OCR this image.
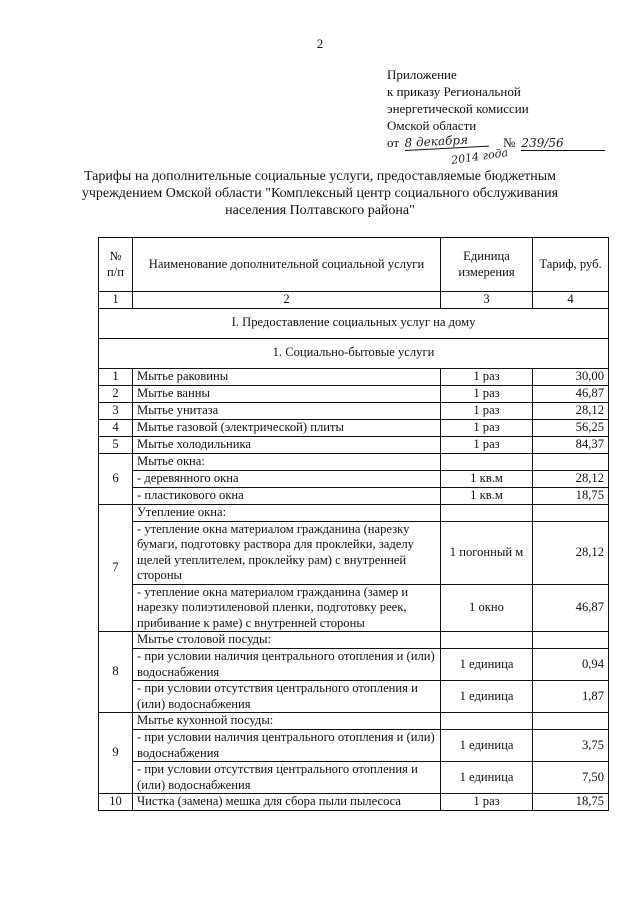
2
Приложение
к приказу Региональной
энергетической комиссии
Омской области
от 8 декабря	№ 239/56
2014 года
Тарифы на дополнительные социальные услуги, предоставляемые бюджетным учреждением Омской области "Комплексный центр социального обслуживания населения Полтавского района"
№ п/п	Наименование дополнительной социальной услуги	Единица измерения	Тариф, руб.
1	2	3	4
I. Предоставление социальных услуг на дому			
1. Социально-бытовые услуги			
1	Мытье раковины	1 раз	30,00
2	Мытье ванны	1 раз	46,87
3	Мытье унитаза	1 раз	28,12
4	Мытье газовой (электрической) плиты	1 раз	56,25
5	Мытье холодильника	1 раз	84,37
6	Мытье окна:		
	- деревянного окна	1 кв.м	28,12
	- пластикового окна	1 кв.м	18,75
7	Утепление окна:		
	- утепление окна материалом гражданина (нарезку бумаги, подготовку раствора для проклейки, заделу щелей утеплителем, проклейку рам) с внутренней стороны	1 погонный м	28,12
	- утепление окна материалом гражданина (замер и нарезку полиэтиленовой пленки, подготовку реек, прибивание к раме) с внутренней стороны	1 окно	46,87
8	Мытье столовой посуды:		
	- при условии наличия центрального отопления и (или) водоснабжения	1 единица	0,94
	- при условии отсутствия центрального отопления и (или) водоснабжения	1 единица	1,87
9	Мытье кухонной посуды:		
	- при условии наличия центрального отопления и (или) водоснабжения	1 единица	3,75
	- при условии отсутствия центрального отопления и (или) водоснабжения	1 единица	7,50
10	Чистка (замена) мешка для сбора пыли пылесоса	1 раз	18,75
